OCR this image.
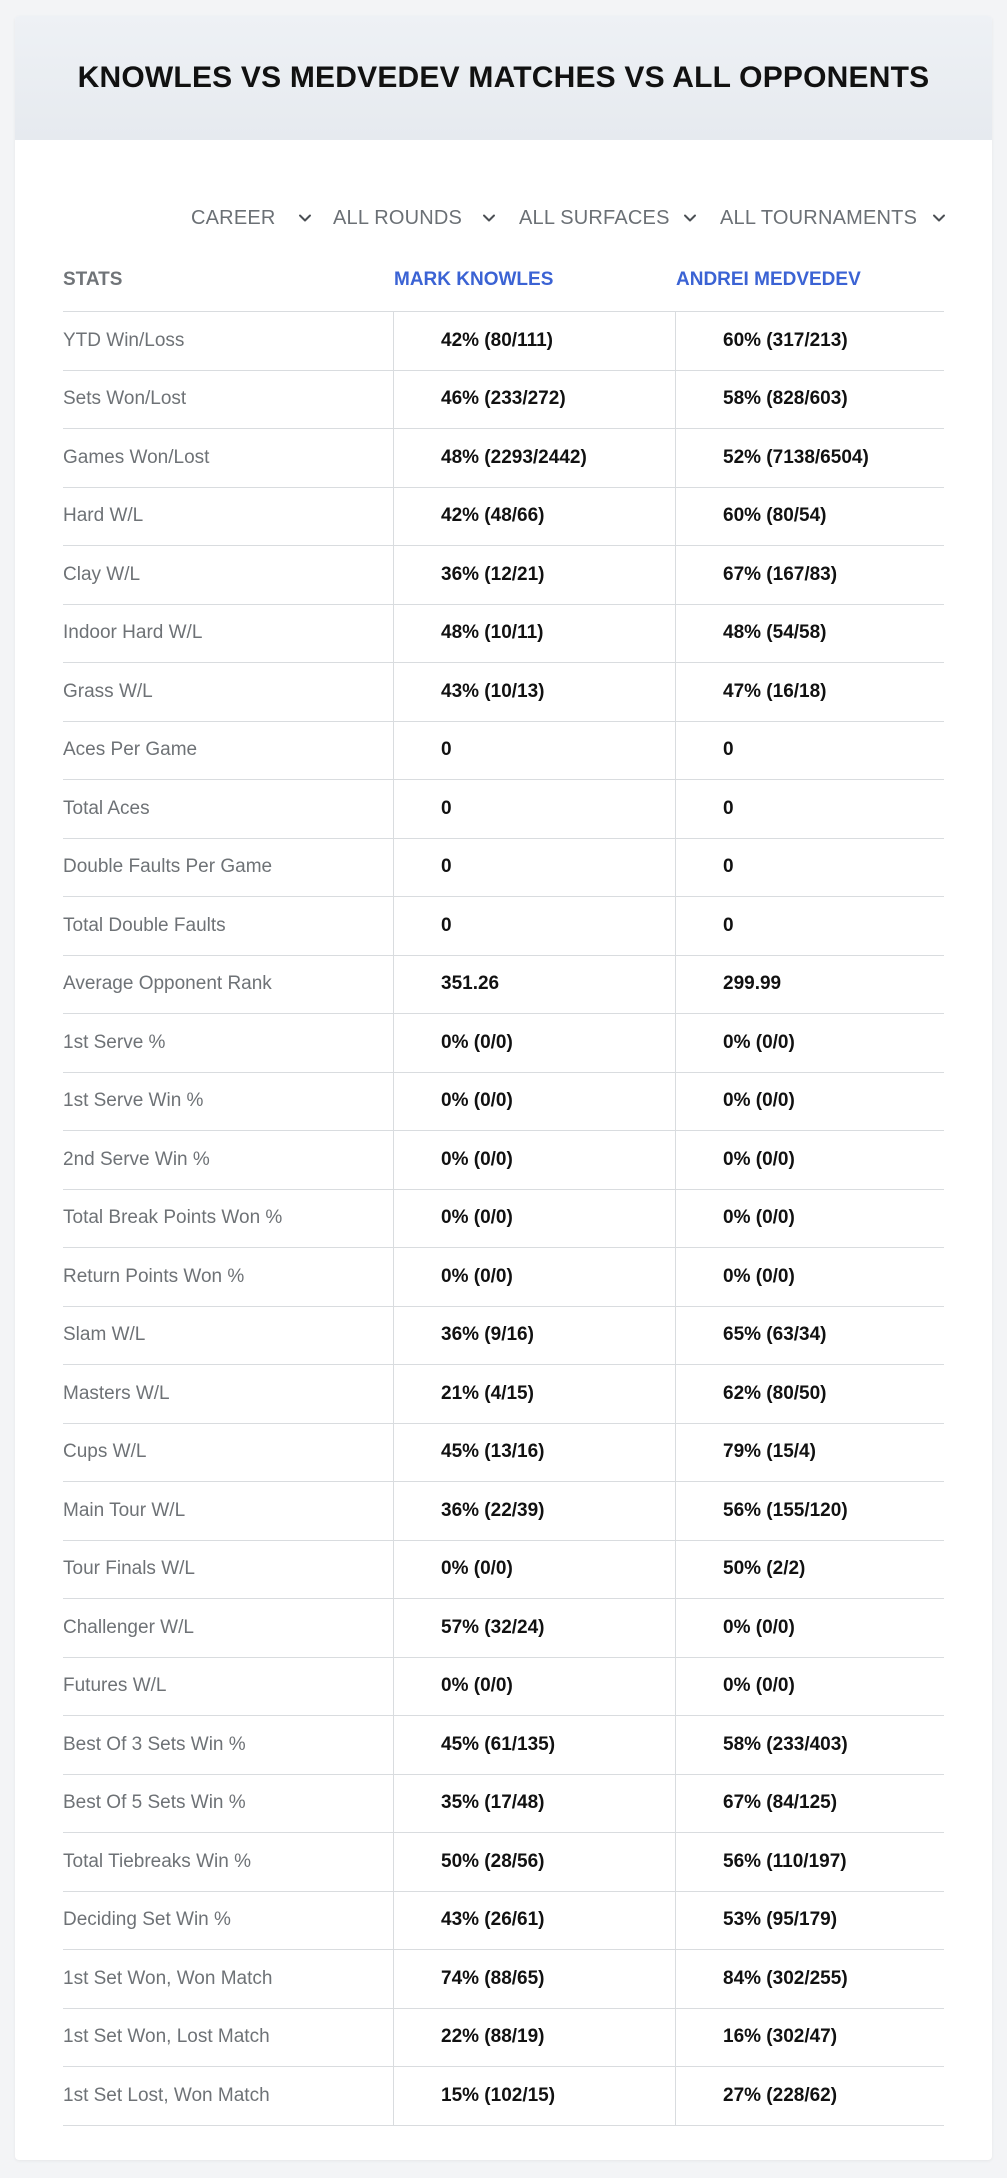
KNOWLES VS MEDVEDEV MATCHES VS ALL OPPONENTS
CAREER	ALL ROUNDS	ALL SURFACES	ALL TOURNAMENTS
STATS	MARK KNOWLES	ANDREI MEDVEDEV
YTD Win/Loss	42% (80/111)	60% (317/213)
Sets Won/Lost	46% (233/272)	58% (828/603)
Games Won/Lost	48% (2293/2442)	52% (7138/6504)
Hard W/L	42% (48/66)	60% (80/54)
Clay W/L	36% (12/21)	67% (167/83)
Indoor Hard W/L	48% (10/11)	48% (54/58)
Grass W/L	43% (10/13)	47% (16/18)
Aces Per Game	0	0
Total Aces	0	0
Double Faults Per Game	0	0
Total Double Faults	0	0
Average Opponent Rank	351.26	299.99
1st Serve %	0% (0/0)	0% (0/0)
1st Serve Win %	0% (0/0)	0% (0/0)
2nd Serve Win %	0% (0/0)	0% (0/0)
Total Break Points Won %	0% (0/0)	0% (0/0)
Return Points Won %	0% (0/0)	0% (0/0)
Slam W/L	36% (9/16)	65% (63/34)
Masters W/L	21% (4/15)	62% (80/50)
Cups W/L	45% (13/16)	79% (15/4)
Main Tour W/L	36% (22/39)	56% (155/120)
Tour Finals W/L	0% (0/0)	50% (2/2)
Challenger W/L	57% (32/24)	0% (0/0)
Futures W/L	0% (0/0)	0% (0/0)
Best Of 3 Sets Win %	45% (61/135)	58% (233/403)
Best Of 5 Sets Win %	35% (17/48)	67% (84/125)
Total Tiebreaks Win %	50% (28/56)	56% (110/197)
Deciding Set Win %	43% (26/61)	53% (95/179)
1st Set Won, Won Match	74% (88/65)	84% (302/255)
1st Set Won, Lost Match	22% (88/19)	16% (302/47)
1st Set Lost, Won Match	15% (102/15)	27% (228/62)
